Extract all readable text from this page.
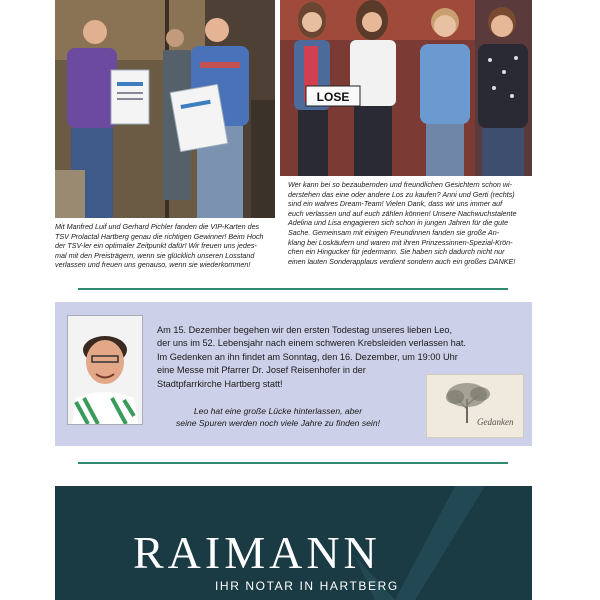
LOSE

Mit Manfred Luif und Gerhard Pichler fanden die VIP-Karten des

TSV Prolactal Hartberg genau die richtigen Gewinner! Beim Hoch

der TSV-ler ein optimaler Zeitpunkt dafür! Wir freuen uns jedes-

mal mit den Preisträgern, wenn sie glücklich unseren Losstand

verlassen und freuen uns genauso, wenn sie wiederkommen!

Wer kann bei so bezaubernden und freundlichen Gesichtern schon wi-

derstehen das eine oder andere Los zu kaufen? Anni und Gerti (rechts)

sind ein wahres Dream-Team! Vielen Dank, dass wir uns immer auf

euch verlassen und auf euch zählen können! Unsere Nachwuchstalente

Adelina und Lisa engagieren sich schon in jungen Jahren für die gute

Sache. Gemeinsam mit einigen Freundinnen fanden sie große An-

klang bei Loskäufern und waren mit ihren Prinzessinnen-Spezial-Krön-

chen ein Hingucker für jedermann. Sie haben sich dadurch nicht nur

einen lauten Sonderapplaus verdient sondern auch ein großes DANKE!

Am 15. Dezember begehen wir den ersten Todestag unseres lieben Leo,

der uns im 52. Lebensjahr nach einem schweren Krebsleiden verlassen hat.

Im Gedenken an ihn findet am Sonntag, den 16. Dezember, um 19:00 Uhr

eine Messe mit Pfarrer Dr. Josef Reisenhofer in der

Stadtpfarrkirche Hartberg statt!

Leo hat eine große Lücke hinterlassen, aber

seine Spuren werden noch viele Jahre zu finden sein!	Gedanken
RAIMANN
IHR NOTAR IN HARTBERG
